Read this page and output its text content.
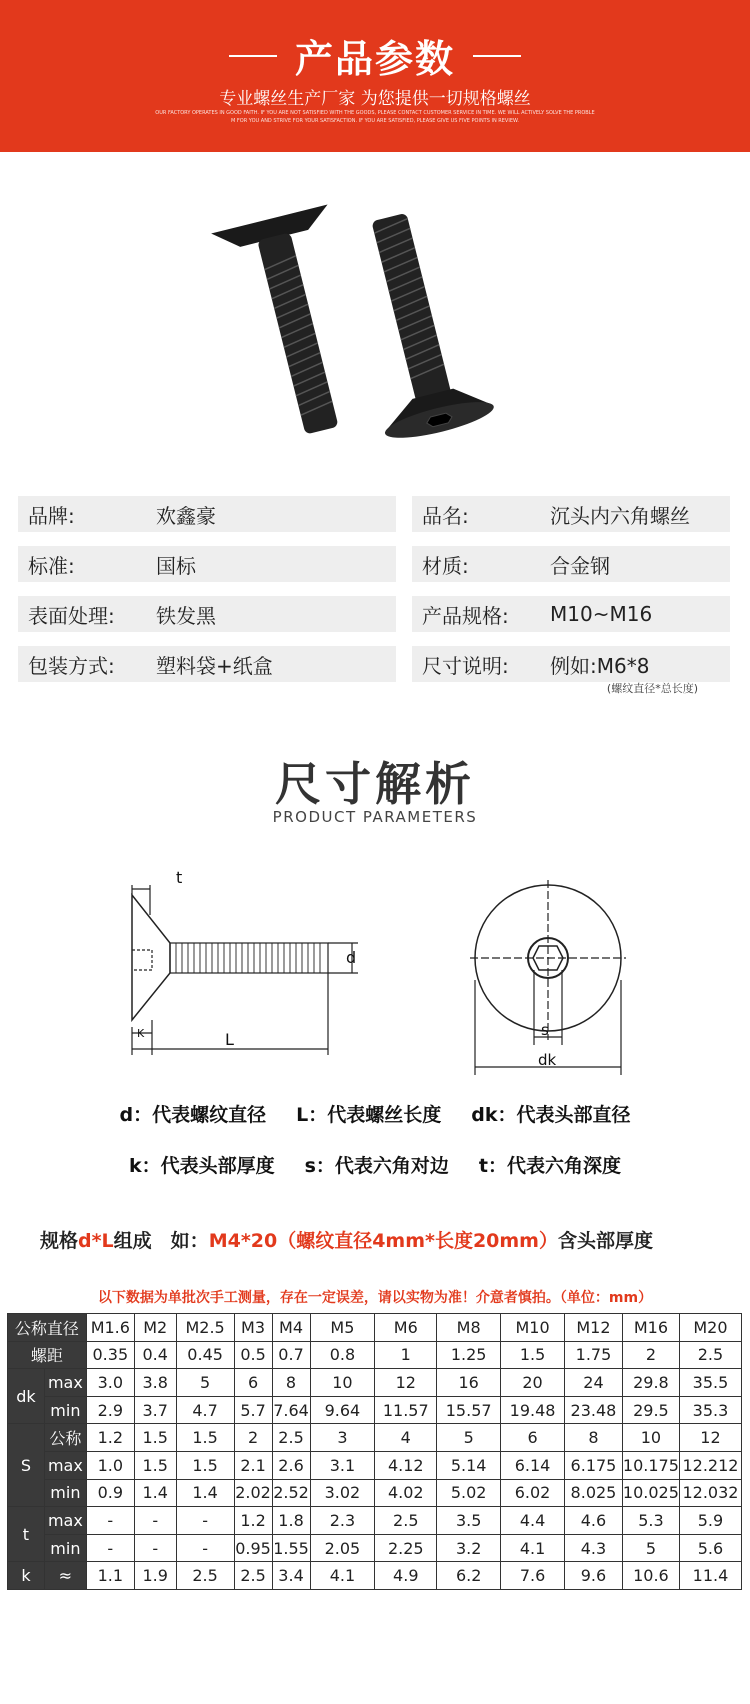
产品参数
专业螺丝生产厂家 为您提供一切规格螺丝
OUR FACTORY OPERATES IN GOOD FAITH. IF YOU ARE NOT SATISFIED WITH THE GOODS, PLEASE CONTACT CUSTOMER SERVICE IN TIME. WE WILL ACTIVELY SOLVE THE PROBLE
M FOR YOU AND STRIVE FOR YOUR SATISFACTION. IF YOU ARE SATISFIED, PLEASE GIVE US FIVE POINTS IN REVIEW.
品牌:	欢鑫豪	品名:	沉头内六角螺丝
标准:	国标	材质:	合金钢
表面处理:	铁发黑	产品规格:	M10~M16
包装方式:	塑料袋+纸盒	尺寸说明:	例如:M6*8
(螺纹直径*总长度)
尺寸解析
PRODUCT PARAMETERS
t
K	L
d
s
dk
d：代表螺纹直径 L：代表螺丝长度 dk：代表头部直径
k：代表头部厚度 s：代表六角对边 t：代表六角深度
规格d*L组成　如：M4*20（螺纹直径4mm*长度20mm）含头部厚度
以下数据为单批次手工测量，存在一定误差，请以实物为准！介意者慎拍。（单位：mm）
公称直径		M1.6	M2	M2.5	M3	M4	M5	M6	M8	M10	M12	M16	M20
螺距		0.35	0.4	0.45	0.5	0.7	0.8	1	1.25	1.5	1.75	2	2.5
dk	max	3.0	3.8	5	6	8	10	12	16	20	24	29.8	35.5
	min	2.9	3.7	4.7	5.7	7.64	9.64	11.57	15.57	19.48	23.48	29.5	35.3
S	公称	1.2	1.5	1.5	2	2.5	3	4	5	6	8	10	12
	max	1.0	1.5	1.5	2.1	2.6	3.1	4.12	5.14	6.14	6.175	10.175	12.212
	min	0.9	1.4	1.4	2.02	2.52	3.02	4.02	5.02	6.02	8.025	10.025	12.032
t	max	-	-	-	1.2	1.8	2.3	2.5	3.5	4.4	4.6	5.3	5.9
	min	-	-	-	0.95	1.55	2.05	2.25	3.2	4.1	4.3	5	5.6
k	≈	1.1	1.9	2.5	2.5	3.4	4.1	4.9	6.2	7.6	9.6	10.6	11.4
